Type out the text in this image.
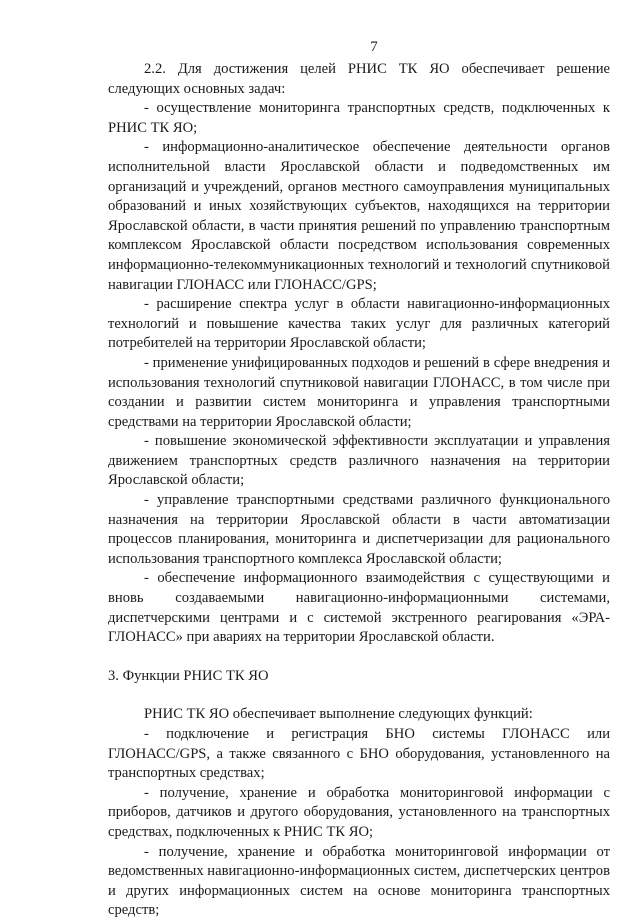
7

2.2. Для достижения целей РНИС ТК ЯО обеспечивает решение следующих основных задач:

- осуществление мониторинга транспортных средств, подключенных к РНИС ТК ЯО;

- информационно-аналитическое обеспечение деятельности органов исполнительной власти Ярославской области и подведомственных им организаций и учреждений, органов местного самоуправления муниципальных образований и иных хозяйствующих субъектов, находящихся на территории Ярославской области, в части принятия решений по управлению транспортным комплексом Ярославской области посредством использования современных информационно-телекоммуникационных технологий и технологий спутниковой навигации ГЛОНАСС или ГЛОНАСС/GPS;

- расширение спектра услуг в области навигационно-информационных технологий и повышение качества таких услуг для различных категорий потребителей на территории Ярославской области;

- применение унифицированных подходов и решений в сфере внедрения и использования технологий спутниковой навигации ГЛОНАСС, в том числе при создании и развитии систем мониторинга и управления транспортными средствами на территории Ярославской области;

- повышение экономической эффективности эксплуатации и управления движением транспортных средств различного назначения на территории Ярославской области;

- управление транспортными средствами различного функционального назначения на территории Ярославской области в части автоматизации процессов планирования, мониторинга и диспетчеризации для рационального использования транспортного комплекса Ярославской области;

- обеспечение информационного взаимодействия с существующими и вновь создаваемыми навигационно-информационными системами, диспетчерскими центрами и с системой экстренного реагирования «ЭРА-ГЛОНАСС» при авариях на территории Ярославской области.

3. Функции РНИС ТК ЯО

РНИС ТК ЯО обеспечивает выполнение следующих функций:

- подключение и регистрация БНО системы ГЛОНАСС или ГЛОНАСС/GPS, а также связанного с БНО оборудования, установленного на транспортных средствах;

- получение, хранение и обработка мониторинговой информации с приборов, датчиков и другого оборудования, установленного на транспортных средствах, подключенных к РНИС ТК ЯО;

- получение, хранение и обработка мониторинговой информации от ведомственных навигационно-информационных систем, диспетчерских центров и других информационных систем на основе мониторинга транспортных средств;
